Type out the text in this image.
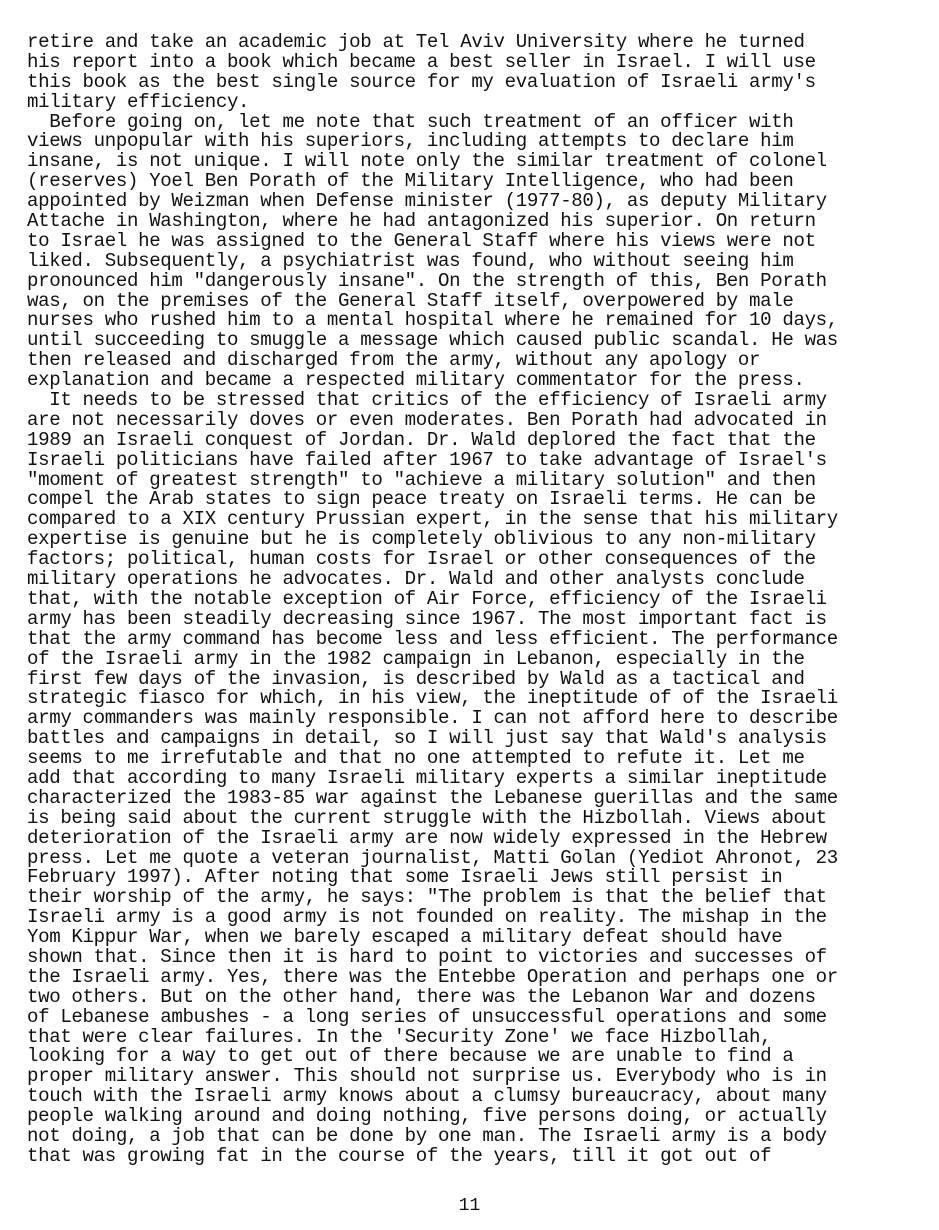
retire and take an academic job at Tel Aviv University where he turned
his report into a book which became a best seller in Israel. I will use
this book as the best single source for my evaluation of Israeli army's
military efficiency.
Before going on, let me note that such treatment of an officer with
views unpopular with his superiors, including attempts to declare him
insane, is not unique. I will note only the similar treatment of colonel
(reserves) Yoel Ben Porath of the Military Intelligence, who had been
appointed by Weizman when Defense minister (1977-80), as deputy Military
Attache in Washington, where he had antagonized his superior. On return
to Israel he was assigned to the General Staff where his views were not
liked. Subsequently, a psychiatrist was found, who without seeing him
pronounced him "dangerously insane". On the strength of this, Ben Porath
was, on the premises of the General Staff itself, overpowered by male
nurses who rushed him to a mental hospital where he remained for 10 days,
until succeeding to smuggle a message which caused public scandal. He was
then released and discharged from the army, without any apology or
explanation and became a respected military commentator for the press.
It needs to be stressed that critics of the efficiency of Israeli army
are not necessarily doves or even moderates. Ben Porath had advocated in
1989 an Israeli conquest of Jordan. Dr. Wald deplored the fact that the
Israeli politicians have failed after 1967 to take advantage of Israel's
"moment of greatest strength" to "achieve a military solution" and then
compel the Arab states to sign peace treaty on Israeli terms. He can be
compared to a XIX century Prussian expert, in the sense that his military
expertise is genuine but he is completely oblivious to any non-military
factors; political, human costs for Israel or other consequences of the
military operations he advocates. Dr. Wald and other analysts conclude
that, with the notable exception of Air Force, efficiency of the Israeli
army has been steadily decreasing since 1967. The most important fact is
that the army command has become less and less efficient. The performance
of the Israeli army in the 1982 campaign in Lebanon, especially in the
first few days of the invasion, is described by Wald as a tactical and
strategic fiasco for which, in his view, the ineptitude of of the Israeli
army commanders was mainly responsible. I can not afford here to describe
battles and campaigns in detail, so I will just say that Wald's analysis
seems to me irrefutable and that no one attempted to refute it. Let me
add that according to many Israeli military experts a similar ineptitude
characterized the 1983-85 war against the Lebanese guerillas and the same
is being said about the current struggle with the Hizbollah. Views about
deterioration of the Israeli army are now widely expressed in the Hebrew
press. Let me quote a veteran journalist, Matti Golan (Yediot Ahronot, 23
February 1997). After noting that some Israeli Jews still persist in
their worship of the army, he says: "The problem is that the belief that
Israeli army is a good army is not founded on reality. The mishap in the
Yom Kippur War, when we barely escaped a military defeat should have
shown that. Since then it is hard to point to victories and successes of
the Israeli army. Yes, there was the Entebbe Operation and perhaps one or
two others. But on the other hand, there was the Lebanon War and dozens
of Lebanese ambushes - a long series of unsuccessful operations and some
that were clear failures. In the 'Security Zone' we face Hizbollah,
looking for a way to get out of there because we are unable to find a
proper military answer. This should not surprise us. Everybody who is in
touch with the Israeli army knows about a clumsy bureaucracy, about many
people walking around and doing nothing, five persons doing, or actually
not doing, a job that can be done by one man. The Israeli army is a body
that was growing fat in the course of the years, till it got out of
11
